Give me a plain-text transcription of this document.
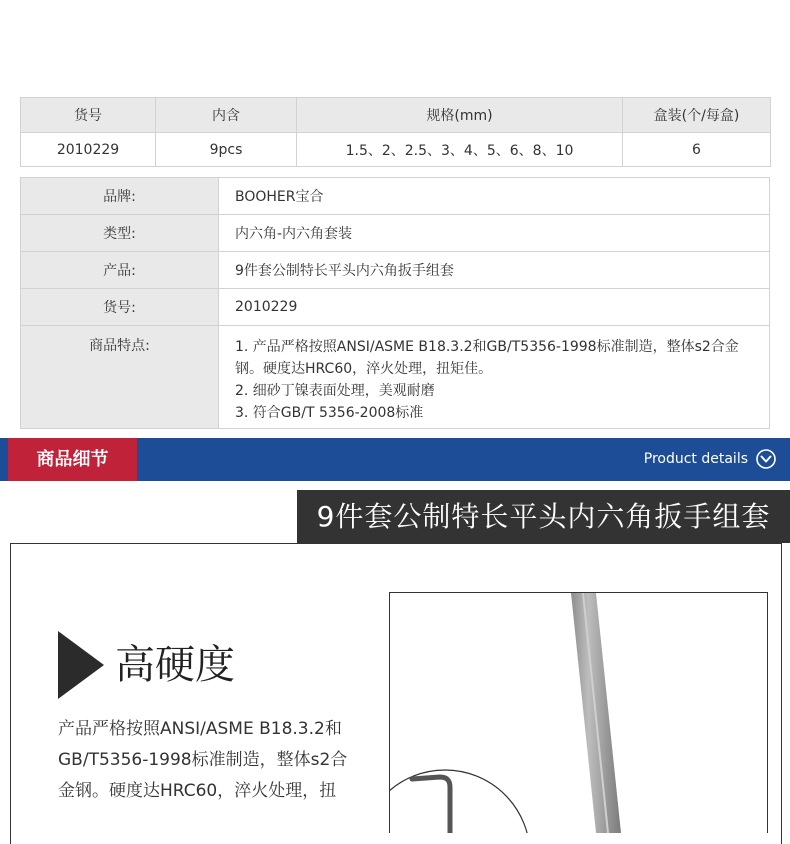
货号	内含	规格(mm)	盒装(个/每盒)
2010229	9pcs	1.5、2、2.5、3、4、5、6、8、10	6
品牌:	BOOHER宝合
类型:	内六角-内六角套装
产品:	9件套公制特长平头内六角扳手组套
货号:	2010229
商品特点:	1. 产品严格按照ANSI/ASME B18.3.2和GB/T5356-1998标准制造，整体s2合金钢。硬度达HRC60，淬火处理，扭矩佳。
2. 细砂丁镍表面处理，美观耐磨
3. 符合GB/T 5356-2008标准
商品细节	Product details
9件套公制特长平头内六角扳手组套
高硬度
产品严格按照ANSI/ASME B18.3.2和GB/T5356-1998标准制造，整体s2合金钢。硬度达HRC60，淬火处理，扭
